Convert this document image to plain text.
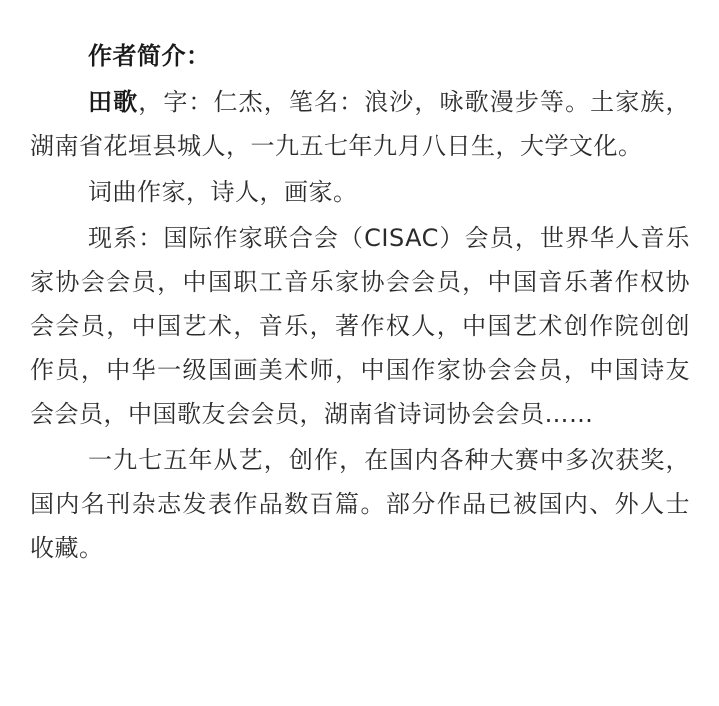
作者简介：

田歌，字：仁杰，笔名：浪沙，咏歌漫步等。土家族，湖南省花垣县城人，一九五七年九月八日生，大学文化。

词曲作家，诗人，画家。

现系：国际作家联合会（CISAC）会员，世界华人音乐家协会会员，中国职工音乐家协会会员，中国音乐著作权协会会员，中国艺术，音乐，著作权人，中国艺术创作院创创作员，中华一级国画美术师，中国作家协会会员，中国诗友会会员，中国歌友会会员，湖南省诗词协会会员……

一九七五年从艺，创作，在国内各种大赛中多次获奖，国内名刊杂志发表作品数百篇。部分作品已被国内、外人士收藏。
